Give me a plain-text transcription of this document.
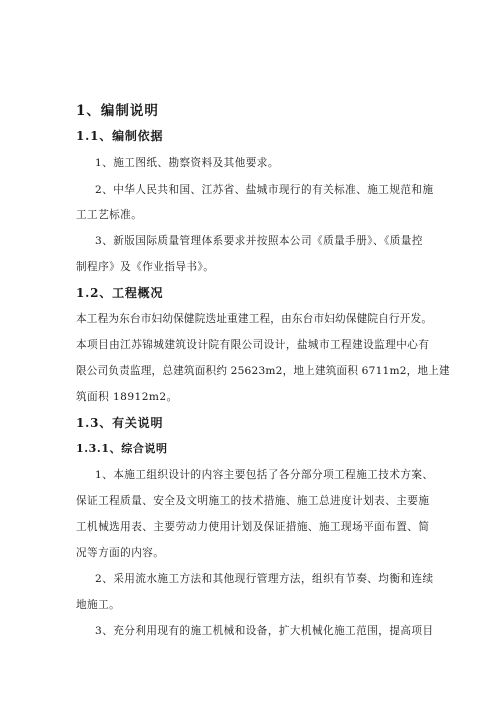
1、编制说明
1.1、编制依据
1、施工图纸、勘察资料及其他要求。
2、中华人民共和国、江苏省、盐城市现行的有关标准、施工规范和施
工工艺标准。
3、新版国际质量管理体系要求并按照本公司《质量手册》、《质量控
制程序》及《作业指导书》。
1.2、工程概况
本工程为东台市妇幼保健院迭址重建工程，由东台市妇幼保健院自行开发。
本项目由江苏锦城建筑设计院有限公司设计，盐城市工程建设监理中心有
限公司负责监理，总建筑面积约 25623m2，地上建筑面积 6711m2，地上建
筑面积 18912m2。
1.3、有关说明
1.3.1、综合说明
1、本施工组织设计的内容主要包括了各分部分项工程施工技术方案、
保证工程质量、安全及文明施工的技术措施、施工总进度计划表、主要施
工机械选用表、主要劳动力使用计划及保证措施、施工现场平面布置、简
况等方面的内容。
2、采用流水施工方法和其他现行管理方法，组织有节奏、均衡和连续
地施工。
3、充分利用现有的施工机械和设备，扩大机械化施工范围，提高项目
